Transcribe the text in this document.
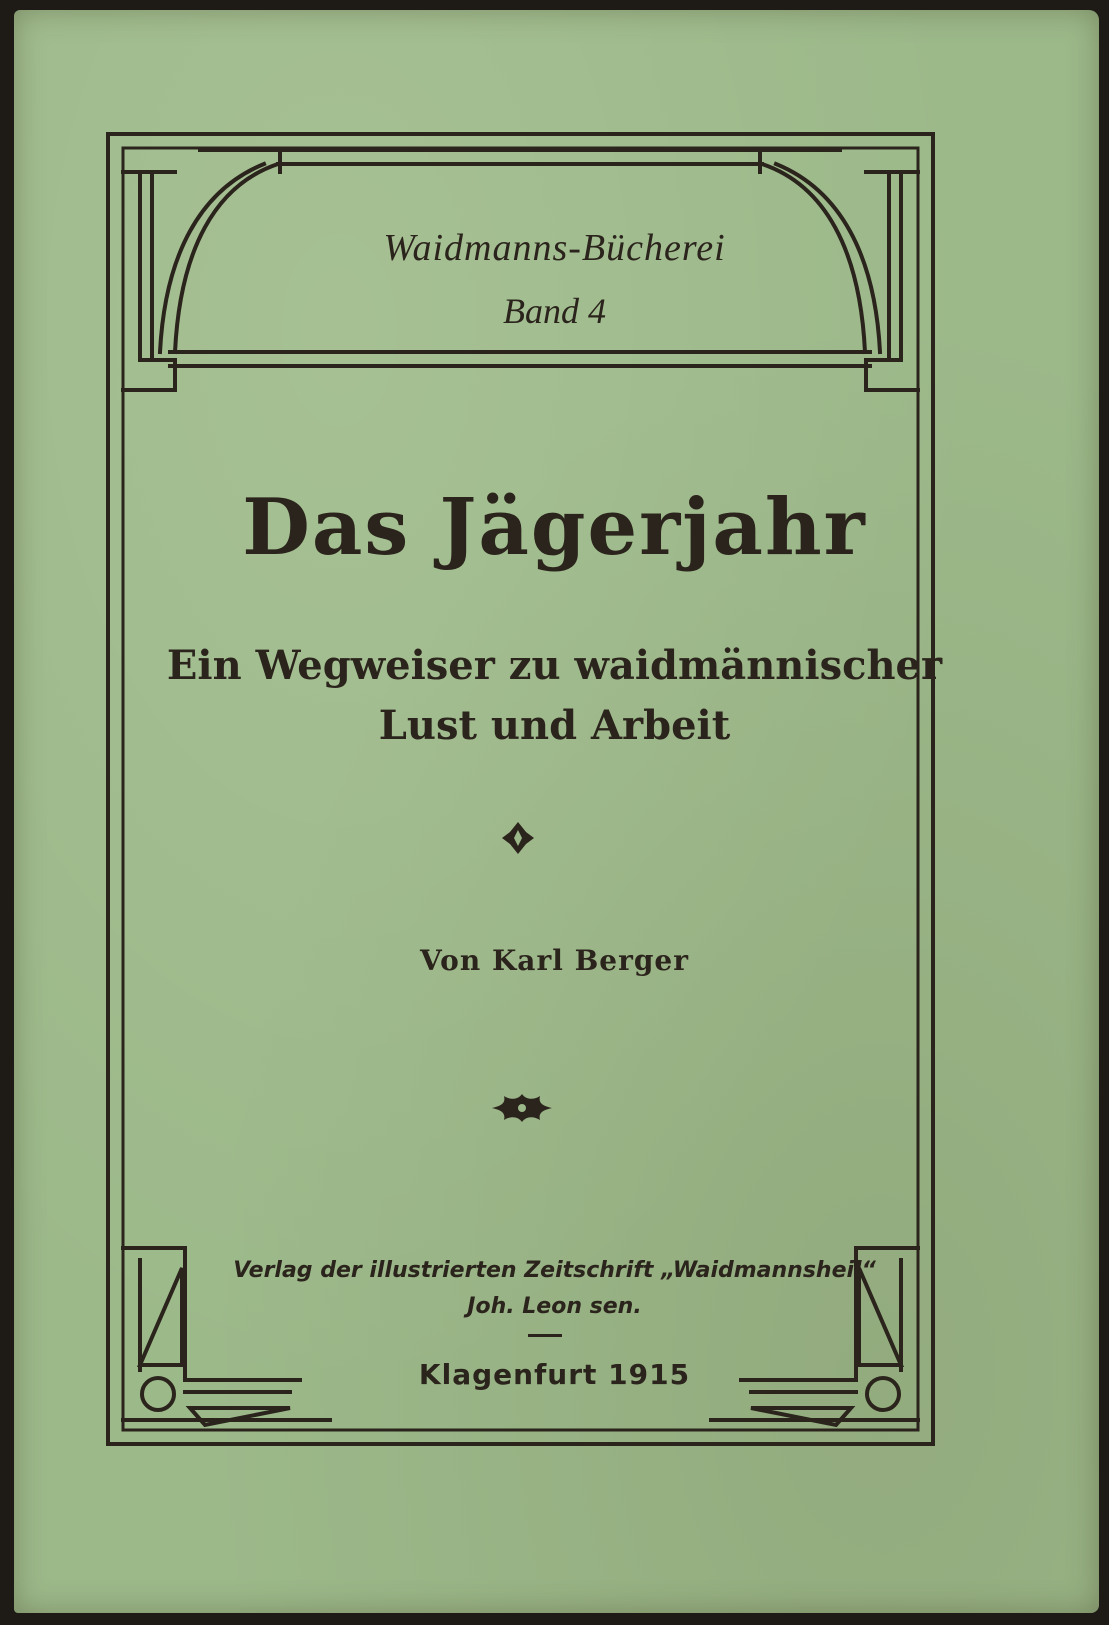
Waidmanns-Bücherei
Band 4
Das Jägerjahr
Ein Wegweiser zu waidmännischer
Lust und Arbeit
Von Karl Berger
Verlag der illustrierten Zeitschrift „Waidmannsheil“
Joh. Leon sen.
Klagenfurt 1915
